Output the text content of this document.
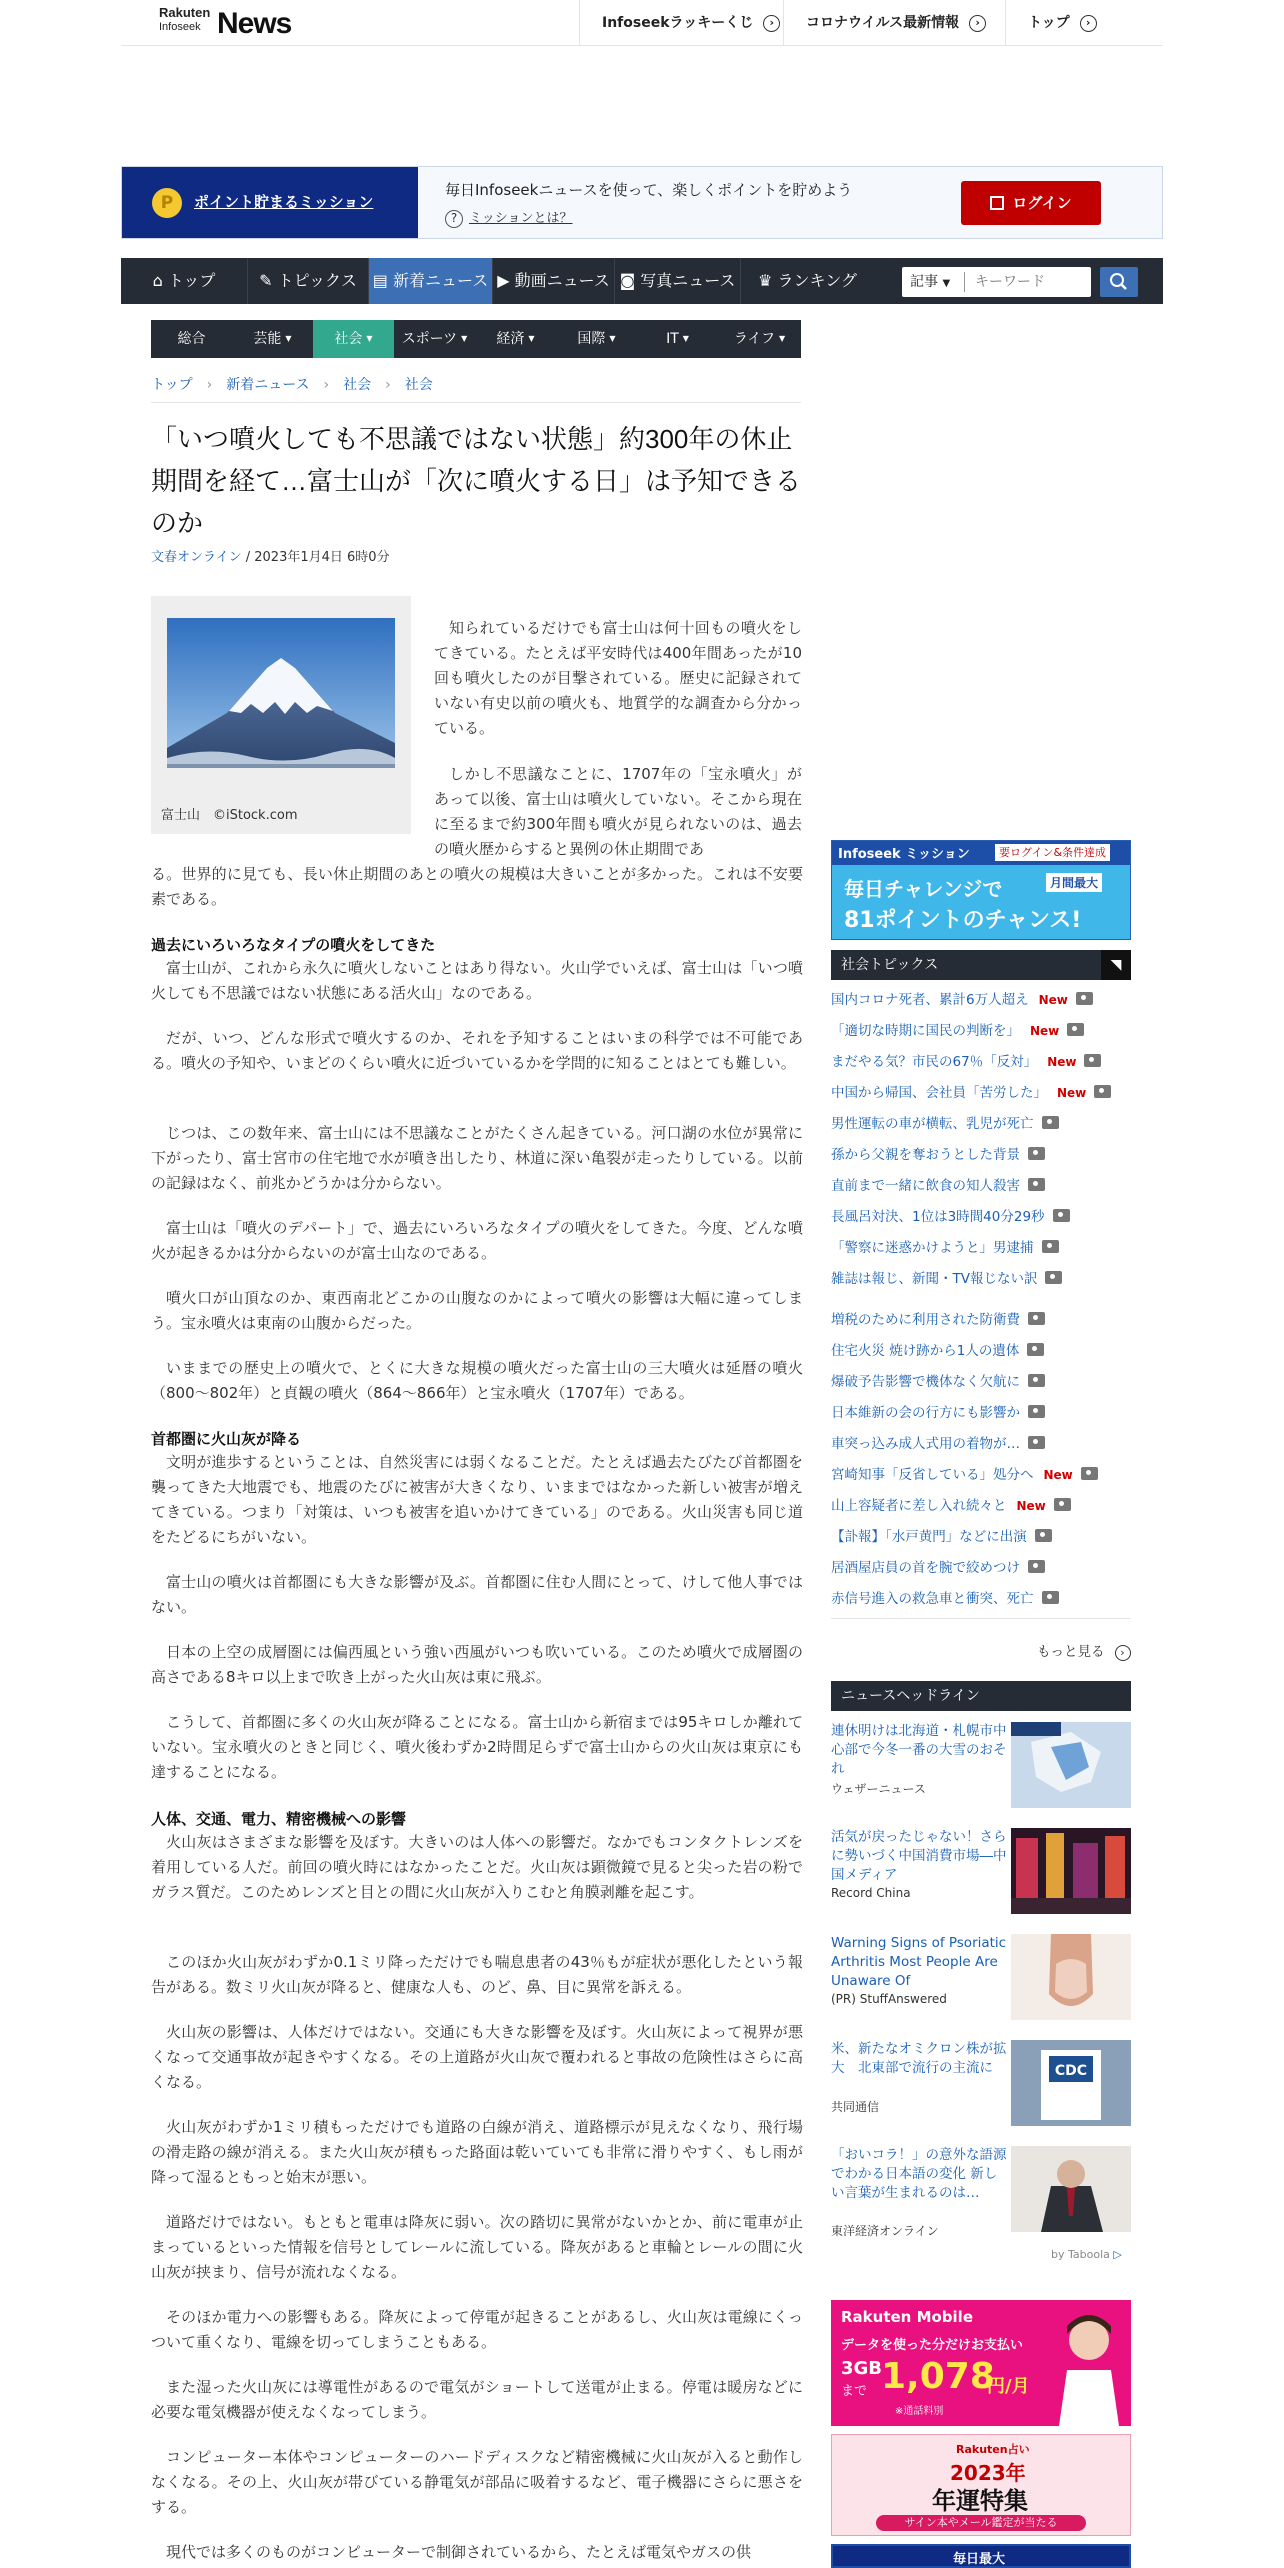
Rakuten
Infoseek News	Infoseekラッキーくじ ›	コロナウイルス最新情報 ›	トップ ›
P	ポイント貯まるミッション
毎日Infoseekニュースを使って、楽しくポイントを貯めよう
? ミッションとは？
ログイン
⌂ トップ	✎ トピックス ▤ 新着ニュース ▶ 動画ニュース ◙ 写真ニュース	♛ ランキング	記事 ▼
キーワード
総合	芸能 ▼	社会 ▼	スポーツ ▼	経済 ▼	国際 ▼	IT ▼	ライフ ▼
トップ › 新着ニュース › 社会 › 社会
「いつ噴火しても不思議ではない状態」約300年の休止期間を経て…富士山が「次に噴火する日」は予知できるのか
文春オンライン / 2023年1月4日 6時0分
富士山　©iStock.com

知られているだけでも富士山は何十回もの噴火をしてきている。たとえば平安時代は400年間あったが10回も噴火したのが目撃されている。歴史に記録されていない有史以前の噴火も、地質学的な調査から分かっている。

しかし不思議なことに、1707年の「宝永噴火」があって以後、富士山は噴火していない。そこから現在に至るまで約300年間も噴火が見られないのは、過去の噴火歴からすると異例の休止期間であ

る。世界的に見ても、長い休止期間のあとの噴火の規模は大きいことが多かった。これは不安要素である。

過去にいろいろなタイプの噴火をしてきた

富士山が、これから永久に噴火しないことはあり得ない。火山学でいえば、富士山は「いつ噴火しても不思議ではない状態にある活火山」なのである。

だが、いつ、どんな形式で噴火するのか、それを予知することはいまの科学では不可能である。噴火の予知や、いまどのくらい噴火に近づいているかを学問的に知ることはとても難しい。

じつは、この数年来、富士山には不思議なことがたくさん起きている。河口湖の水位が異常に下がったり、富士宮市の住宅地で水が噴き出したり、林道に深い亀裂が走ったりしている。以前の記録はなく、前兆かどうかは分からない。

富士山は「噴火のデパート」で、過去にいろいろなタイプの噴火をしてきた。今度、どんな噴火が起きるかは分からないのが富士山なのである。

噴火口が山頂なのか、東西南北どこかの山腹なのかによって噴火の影響は大幅に違ってしまう。宝永噴火は東南の山腹からだった。

いままでの歴史上の噴火で、とくに大きな規模の噴火だった富士山の三大噴火は延暦の噴火（800～802年）と貞観の噴火（864～866年）と宝永噴火（1707年）である。

首都圏に火山灰が降る

文明が進歩するということは、自然災害には弱くなることだ。たとえば過去たびたび首都圏を襲ってきた大地震でも、地震のたびに被害が大きくなり、いままではなかった新しい被害が増えてきている。つまり「対策は、いつも被害を追いかけてきている」のである。火山災害も同じ道をたどるにちがいない。

富士山の噴火は首都圏にも大きな影響が及ぶ。首都圏に住む人間にとって、けして他人事ではない。

日本の上空の成層圏には偏西風という強い西風がいつも吹いている。このため噴火で成層圏の高さである8キロ以上まで吹き上がった火山灰は東に飛ぶ。

こうして、首都圏に多くの火山灰が降ることになる。富士山から新宿までは95キロしか離れていない。宝永噴火のときと同じく、噴火後わずか2時間足らずで富士山からの火山灰は東京にも達することになる。

人体、交通、電力、精密機械への影響

火山灰はさまざまな影響を及ぼす。大きいのは人体への影響だ。なかでもコンタクトレンズを着用している人だ。前回の噴火時にはなかったことだ。火山灰は顕微鏡で見ると尖った岩の粉でガラス質だ。このためレンズと目との間に火山灰が入りこむと角膜剥離を起こす。

このほか火山灰がわずか0.1ミリ降っただけでも喘息患者の43％もが症状が悪化したという報告がある。数ミリ火山灰が降ると、健康な人も、のど、鼻、目に異常を訴える。

火山灰の影響は、人体だけではない。交通にも大きな影響を及ぼす。火山灰によって視界が悪くなって交通事故が起きやすくなる。その上道路が火山灰で覆われると事故の危険性はさらに高くなる。

火山灰がわずか1ミリ積もっただけでも道路の白線が消え、道路標示が見えなくなり、飛行場の滑走路の線が消える。また火山灰が積もった路面は乾いていても非常に滑りやすく、もし雨が降って湿るともっと始末が悪い。

道路だけではない。もともと電車は降灰に弱い。次の踏切に異常がないかとか、前に電車が止まっているといった情報を信号としてレールに流している。降灰があると車輪とレールの間に火山灰が挟まり、信号が流れなくなる。

そのほか電力への影響もある。降灰によって停電が起きることがあるし、火山灰は電線にくっついて重くなり、電線を切ってしまうこともある。

また湿った火山灰には導電性があるので電気がショートして送電が止まる。停電は暖房などに必要な電気機器が使えなくなってしまう。

コンピューター本体やコンピューターのハードディスクなど精密機械に火山灰が入ると動作しなくなる。その上、火山灰が帯びている静電気が部品に吸着するなど、電子機器にさらに悪さをする。

現代では多くのものがコンピューターで制御されているから、たとえば電気やガスの供

Infoseek ミッション	要ログイン&条件達成
毎日チャレンジで	月間最大
81ポイントのチャンス!
社会トピックス	◥
国内コロナ死者、累計6万人超え New
「適切な時期に国民の判断を」 New
まだやる気？市民の67％「反対」 New
中国から帰国、会社員「苦労した」 New
男性運転の車が横転、乳児が死亡
孫から父親を奪おうとした背景
直前まで一緒に飲食の知人殺害
長風呂対決、1位は3時間40分29秒
「警察に迷惑かけようと」男逮捕
雑誌は報じ、新聞・TV報じない訳
増税のために利用された防衛費
住宅火災 焼け跡から1人の遺体
爆破予告影響で機体なく欠航に
日本維新の会の行方にも影響か
車突っ込み成人式用の着物が…
宮崎知事「反省している」処分へ New
山上容疑者に差し入れ続々と New
【訃報】「水戸黄門」などに出演
居酒屋店員の首を腕で絞めつけ
赤信号進入の救急車と衝突、死亡
もっと見る ›
ニュースヘッドライン
連休明けは北海道・札幌市中心部で今冬一番の大雪のおそれ
ウェザーニュース
活気が戻ったじゃない！さらに勢いづく中国消費市場―中国メディア
Record China
Warning Signs of Psoriatic Arthritis Most People Are Unaware Of
(PR) StuffAnswered
米、新たなオミクロン株が拡大　北東部で流行の主流に
共同通信
CDC
「おいコラ！」の意外な語源でわかる日本語の変化 新しい言葉が生まれるのは…
東洋経済オンライン
by Taboola ▷
Rakuten Mobile
データを使った分だけお支払い
3GB
まで 1,078
円/月
※通話料別
Rakuten占い
2023年
年運特集
サイン本やメール鑑定が当たる
毎日最大
